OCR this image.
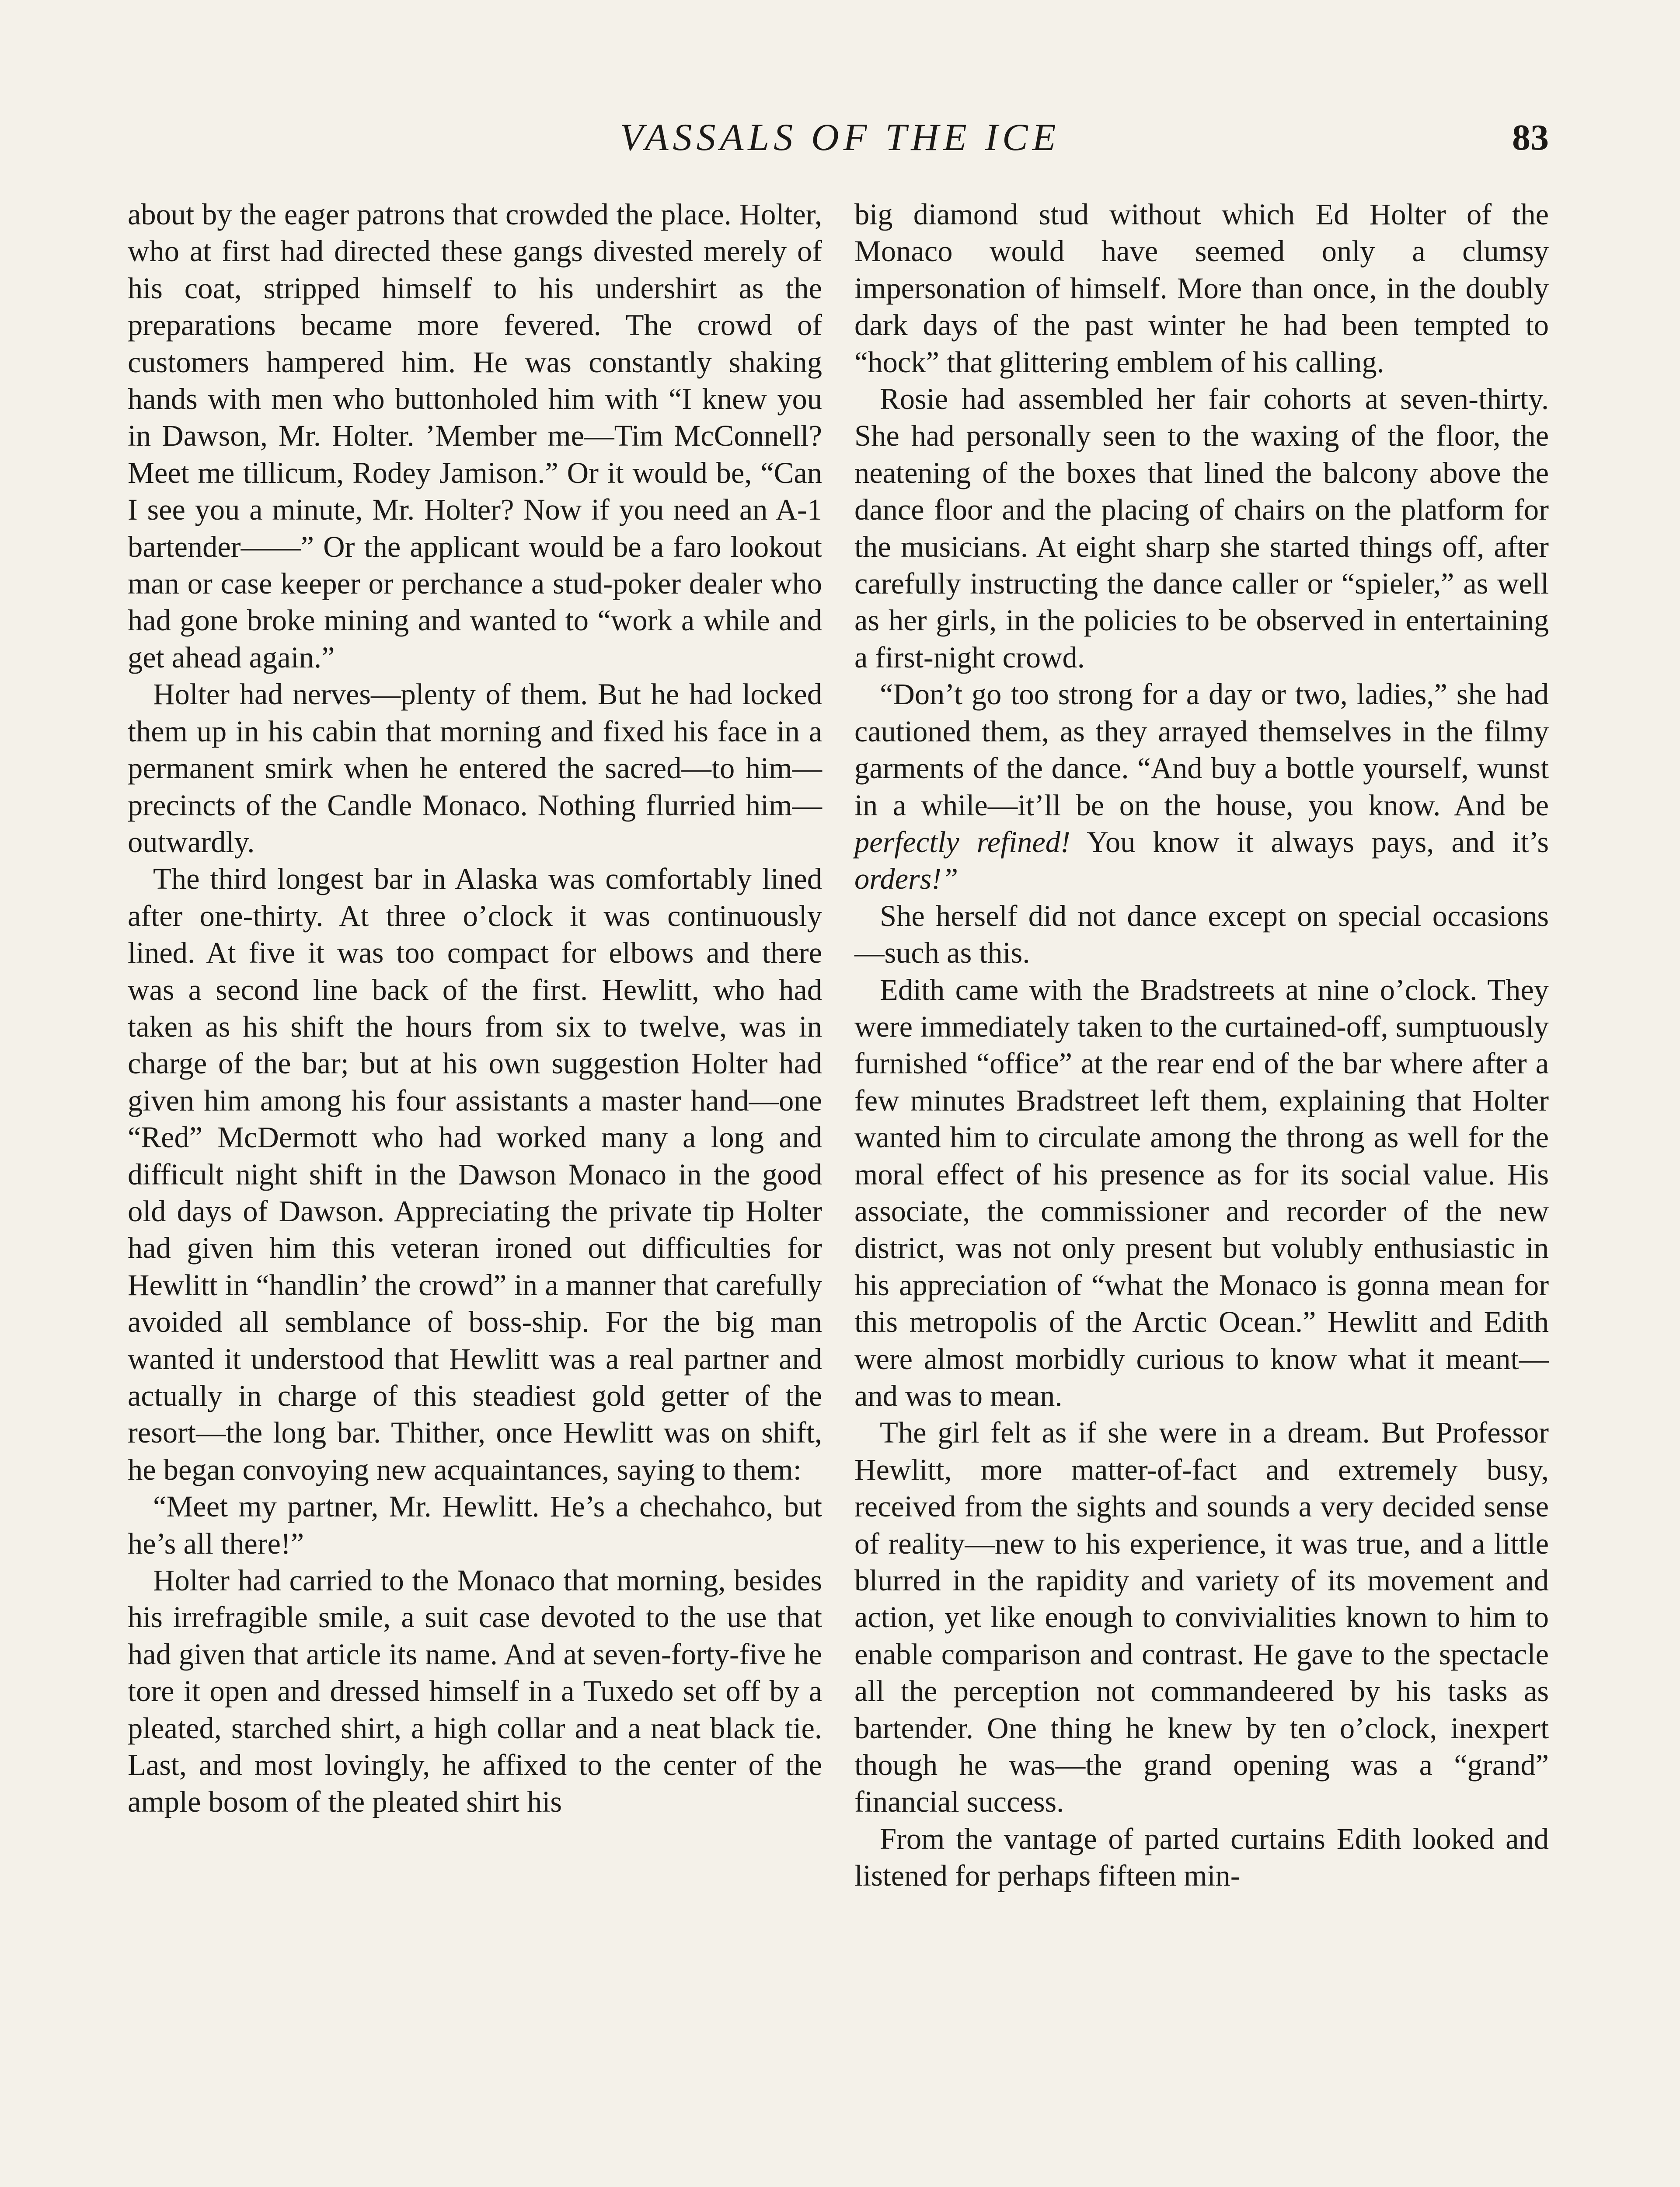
VASSALS OF THE ICE	83

about by the eager patrons that crowded the place. Holter, who at first had directed these gangs divested merely of his coat, stripped himself to his undershirt as the preparations became more fevered. The crowd of customers hampered him. He was constantly shaking hands with men who buttonholed him with “I knew you in Dawson, Mr. Holter. ’Member me—Tim McConnell? Meet me tillicum, Rodey Jamison.” Or it would be, “Can I see you a minute, Mr. Holter? Now if you need an A-1 bartender——” Or the applicant would be a faro lookout man or case keeper or perchance a stud-poker dealer who had gone broke mining and wanted to “work a while and get ahead again.”

Holter had nerves—plenty of them. But he had locked them up in his cabin that morning and fixed his face in a permanent smirk when he entered the sacred—to him—precincts of the Candle Monaco. Nothing flurried him—outwardly.

The third longest bar in Alaska was comfortably lined after one-thirty. At three o’clock it was continuously lined. At five it was too compact for elbows and there was a second line back of the first. Hewlitt, who had taken as his shift the hours from six to twelve, was in charge of the bar; but at his own suggestion Holter had given him among his four assistants a master hand—one “Red” McDermott who had worked many a long and difficult night shift in the Dawson Monaco in the good old days of Dawson. Appreciating the private tip Holter had given him this veteran ironed out difficulties for Hewlitt in “handlin’ the crowd” in a manner that carefully avoided all semblance of boss-ship. For the big man wanted it understood that Hewlitt was a real partner and actually in charge of this steadiest gold getter of the resort—the long bar. Thither, once Hewlitt was on shift, he began convoying new acquaintances, saying to them:

“Meet my partner, Mr. Hewlitt. He’s a chechahco, but he’s all there!”

Holter had carried to the Monaco that morning, besides his irrefragible smile, a suit case devoted to the use that had given that article its name. And at seven-forty-five he tore it open and dressed himself in a Tuxedo set off by a pleated, starched shirt, a high collar and a neat black tie. Last, and most lovingly, he affixed to the center of the ample bosom of the pleated shirt his

big diamond stud without which Ed Holter of the Monaco would have seemed only a clumsy impersonation of himself. More than once, in the doubly dark days of the past winter he had been tempted to “hock” that glittering emblem of his calling.

Rosie had assembled her fair cohorts at seven-thirty. She had personally seen to the waxing of the floor, the neatening of the boxes that lined the balcony above the dance floor and the placing of chairs on the platform for the musicians. At eight sharp she started things off, after carefully instructing the dance caller or “spieler,” as well as her girls, in the policies to be observed in entertaining a first-night crowd.

“Don’t go too strong for a day or two, ladies,” she had cautioned them, as they arrayed themselves in the filmy garments of the dance. “And buy a bottle yourself, wunst in a while—it’ll be on the house, you know. And be perfectly refined! You know it always pays, and it’s orders!”

She herself did not dance except on special occasions—such as this.

Edith came with the Bradstreets at nine o’clock. They were immediately taken to the curtained-off, sumptuously furnished “office” at the rear end of the bar where after a few minutes Bradstreet left them, explaining that Holter wanted him to circulate among the throng as well for the moral effect of his presence as for its social value. His associate, the commissioner and recorder of the new district, was not only present but volubly enthusiastic in his appreciation of “what the Monaco is gonna mean for this metropolis of the Arctic Ocean.” Hewlitt and Edith were almost morbidly curious to know what it meant—and was to mean.

The girl felt as if she were in a dream. But Professor Hewlitt, more matter-of-fact and extremely busy, received from the sights and sounds a very decided sense of reality—new to his experience, it was true, and a little blurred in the rapidity and variety of its movement and action, yet like enough to convivialities known to him to enable comparison and contrast. He gave to the spectacle all the perception not commandeered by his tasks as bartender. One thing he knew by ten o’clock, inexpert though he was—the grand opening was a “grand” financial success.

From the vantage of parted curtains Edith looked and listened for perhaps fifteen min-
